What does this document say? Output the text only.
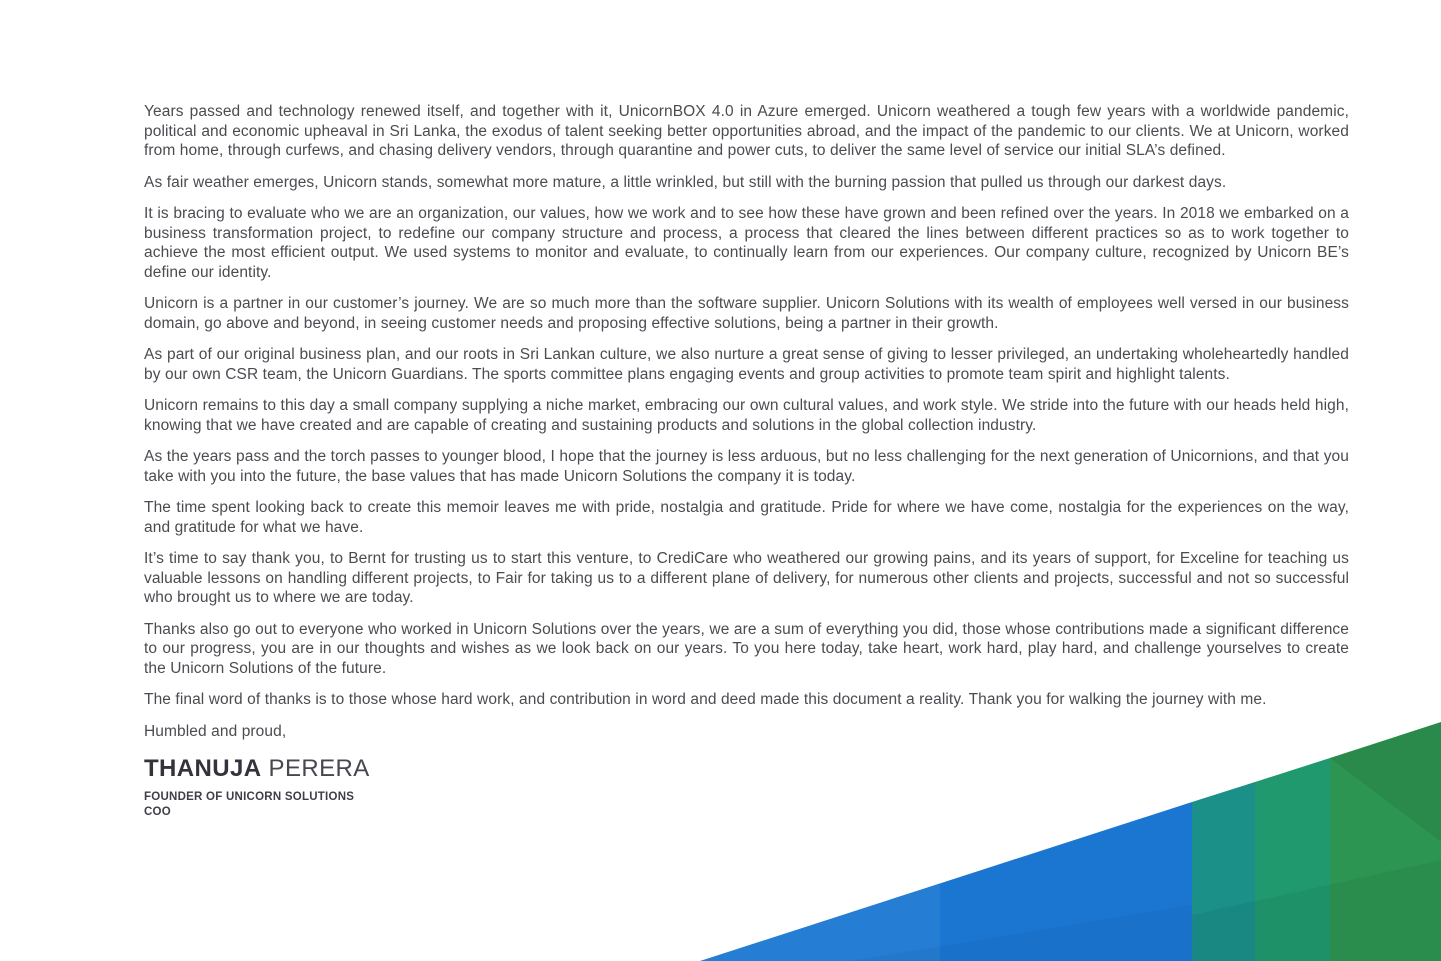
Years passed and technology renewed itself, and together with it, UnicornBOX 4.0 in Azure emerged. Unicorn weathered a tough few years with a worldwide pandemic, political and economic upheaval in Sri Lanka, the exodus of talent seeking better opportunities abroad, and the impact of the pandemic to our clients. We at Unicorn, worked from home, through curfews, and chasing delivery vendors, through quarantine and power cuts, to deliver the same level of service our initial SLA’s defined.

As fair weather emerges, Unicorn stands, somewhat more mature, a little wrinkled, but still with the burning passion that pulled us through our darkest days.

It is bracing to evaluate who we are an organization, our values, how we work and to see how these have grown and been refined over the years. In 2018 we embarked on a business transformation project, to redefine our company structure and process, a process that cleared the lines between different practices so as to work together to achieve the most efficient output. We used systems to monitor and evaluate, to continually learn from our experiences. Our company culture, recognized by Unicorn BE’s define our identity.

Unicorn is a partner in our customer’s journey. We are so much more than the software supplier. Unicorn Solutions with its wealth of employees well versed in our business domain, go above and beyond, in seeing customer needs and proposing effective solutions, being a partner in their growth.

As part of our original business plan, and our roots in Sri Lankan culture, we also nurture a great sense of giving to lesser privileged, an undertaking wholeheartedly handled by our own CSR team, the Unicorn Guardians. The sports committee plans engaging events and group activities to promote team spirit and highlight talents.

Unicorn remains to this day a small company supplying a niche market, embracing our own cultural values, and work style. We stride into the future with our heads held high, knowing that we have created and are capable of creating and sustaining products and solutions in the global collection industry.

As the years pass and the torch passes to younger blood, I hope that the journey is less arduous, but no less challenging for the next generation of Unicornions, and that you take with you into the future, the base values that has made Unicorn Solutions the company it is today.

The time spent looking back to create this memoir leaves me with pride, nostalgia and gratitude. Pride for where we have come, nostalgia for the experiences on the way, and gratitude for what we have.

It’s time to say thank you, to Bernt for trusting us to start this venture, to CrediCare who weathered our growing pains, and its years of support, for Exceline for teaching us valuable lessons on handling different projects, to Fair for taking us to a different plane of delivery, for numerous other clients and projects, successful and not so successful who brought us to where we are today.

Thanks also go out to everyone who worked in Unicorn Solutions over the years, we are a sum of everything you did, those whose contributions made a significant difference to our progress, you are in our thoughts and wishes as we look back on our years. To you here today, take heart, work hard, play hard, and challenge yourselves to create the Unicorn Solutions of the future.

The final word of thanks is to those whose hard work, and contribution in word and deed made this document a reality. Thank you for walking the journey with me.

Humbled and proud,

THANUJA PERERA
FOUNDER OF UNICORN SOLUTIONS
COO
